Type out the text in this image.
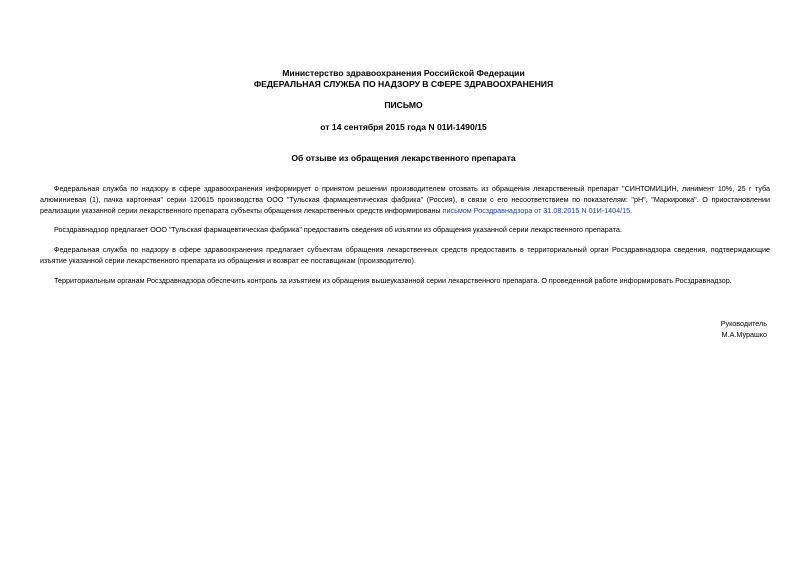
Министерство здравоохранения Российской Федерации
ФЕДЕРАЛЬНАЯ СЛУЖБА ПО НАДЗОРУ В СФЕРЕ ЗДРАВООХРАНЕНИЯ
ПИСЬМО
от 14 сентября 2015 года N 01И-1490/15
Об отзыве из обращения лекарственного препарата

Федеральная служба по надзору в сфере здравоохранения информирует о принятом решении производителем отозвать из обращения лекарственный препарат "СИНТОМИЦИН, линимент 10%, 25 г туба алюминиевая (1), пачка картонная" серии 120615 производства ООО "Тульская фармацевтическая фабрика" (Россия), в связи с его несоответствием по показателям: "pH", "Маркировка". О приостановлении реализации указанной серии лекарственного препарата субъекты обращения лекарственных средств информированы письмом Росздравнадзора от 31.08.2015 N 01И-1404/15.

Росздравнадзор предлагает ООО "Тульская фармацевтическая фабрика" предоставить сведения об изъятии из обращения указанной серии лекарственного препарата.

Федеральная служба по надзору в сфере здравоохранения предлагает субъектам обращения лекарственных средств предоставить в территориальный орган Росздравнадзора сведения, подтверждающие изъятие указанной серии лекарственного препарата из обращения и возврат ее поставщикам (производителю).

Территориальным органам Росздравнадзора обеспечить контроль за изъятием из обращения вышеуказанной серии лекарственного препарата. О проведенной работе информировать Росздравнадзор.

Руководитель
М.А.Мурашко
